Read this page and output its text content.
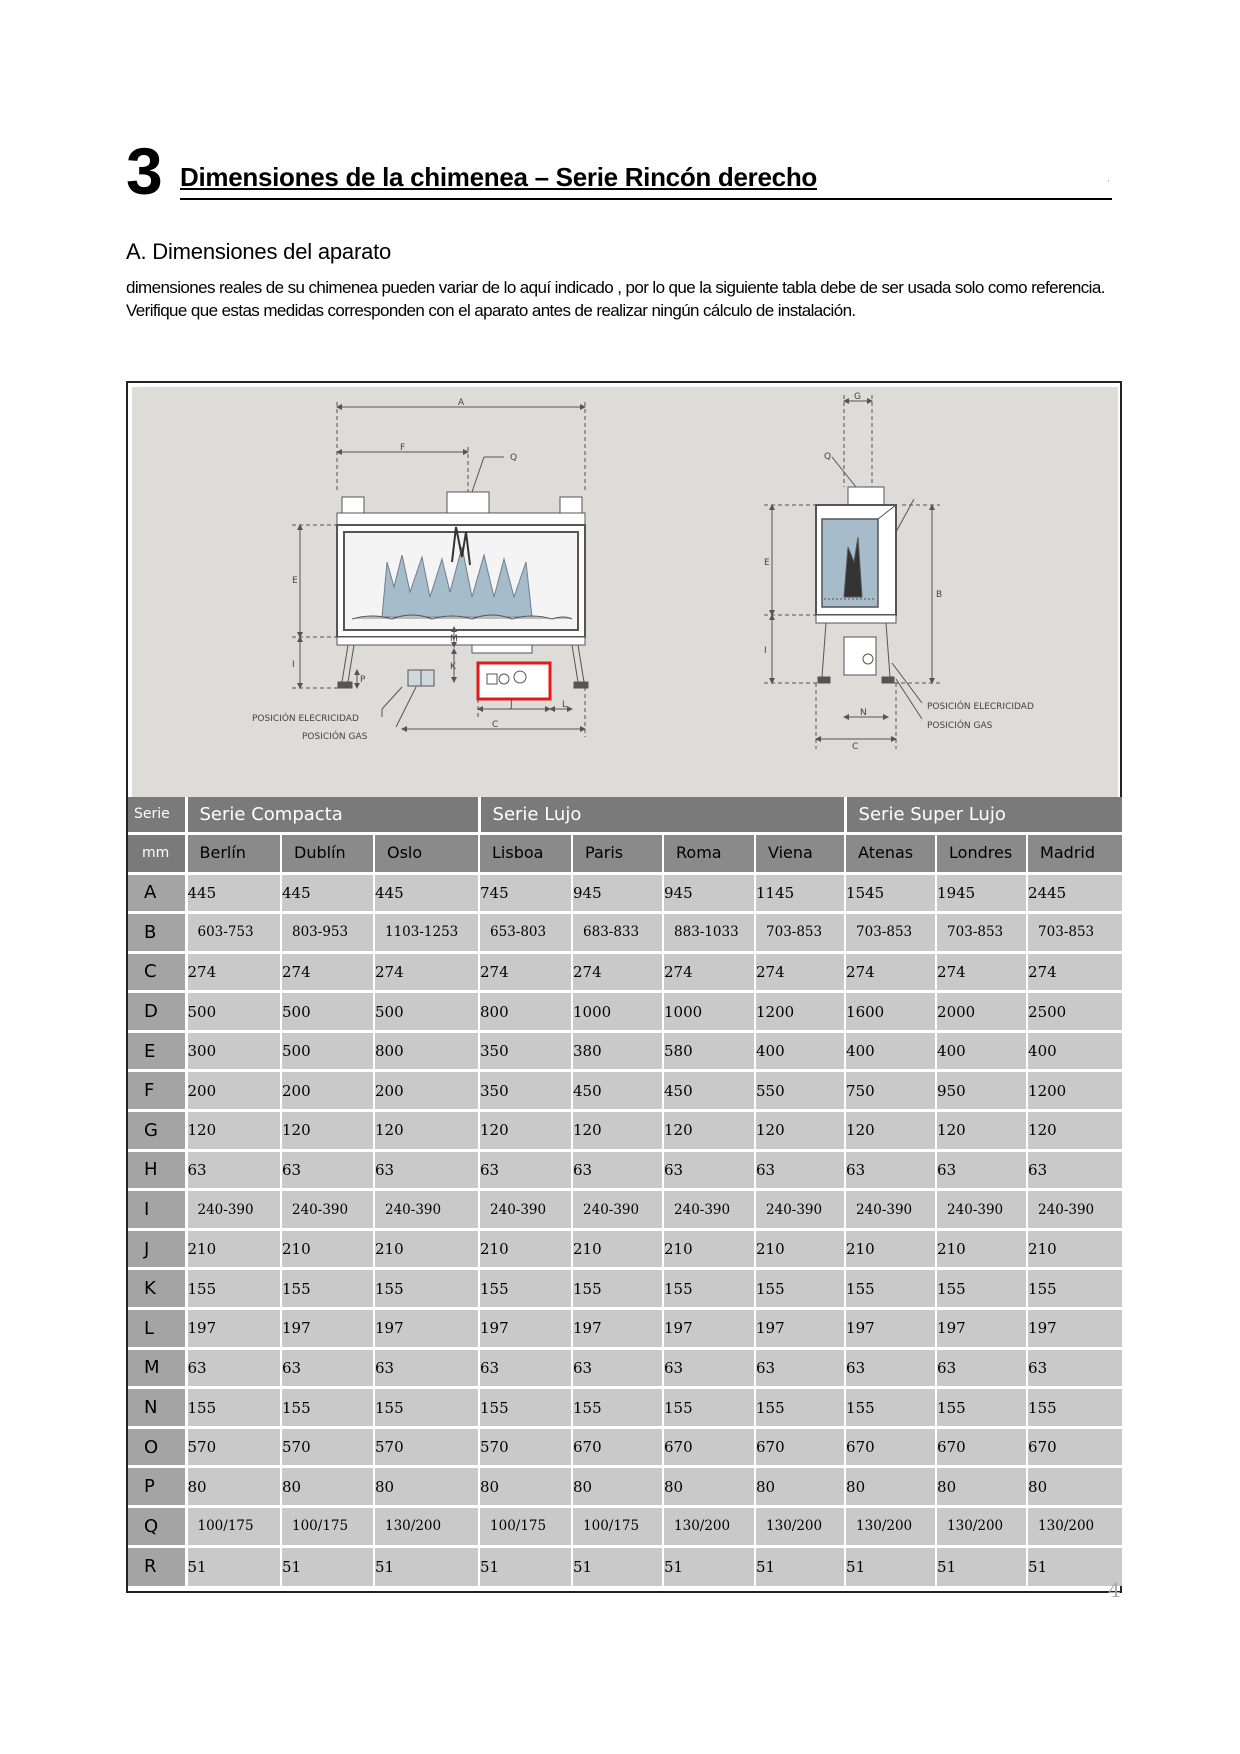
3 Dimensiones de la chimenea – Serie Rincón derecho	'
A. Dimensiones del aparato
dimensiones reales de su chimenea pueden variar de lo aquí indicado , por lo que la siguiente tabla debe de ser usada solo como referencia. Verifique que estas medidas corresponden con el aparato antes de realizar ningún cálculo de instalación.
A
F
Q
E
I
M
K
P
J	L
C
POSICIÓN ELECRICIDAD
POSICIÓN GAS
G
Q
E
I
B
N
C
POSICIÓN ELECRICIDAD
POSICIÓN GAS
Serie	Serie Compacta			Serie Lujo				Serie Super Lujo		
mm	Berlín	Dublín	Oslo	Lisboa	Paris	Roma	Viena	Atenas	Londres	Madrid
A	445	445	445	745	945	945	1145	1545	1945	2445
B	603-753	803-953	1103-1253	653-803	683-833	883-1033	703-853	703-853	703-853	703-853
C	274	274	274	274	274	274	274	274	274	274
D	500	500	500	800	1000	1000	1200	1600	2000	2500
E	300	500	800	350	380	580	400	400	400	400
F	200	200	200	350	450	450	550	750	950	1200
G	120	120	120	120	120	120	120	120	120	120
H	63	63	63	63	63	63	63	63	63	63
I	240-390	240-390	240-390	240-390	240-390	240-390	240-390	240-390	240-390	240-390
J	210	210	210	210	210	210	210	210	210	210
K	155	155	155	155	155	155	155	155	155	155
L	197	197	197	197	197	197	197	197	197	197
M	63	63	63	63	63	63	63	63	63	63
N	155	155	155	155	155	155	155	155	155	155
O	570	570	570	570	670	670	670	670	670	670
P	80	80	80	80	80	80	80	80	80	80
Q	100/175	100/175	130/200	100/175	100/175	130/200	130/200	130/200	130/200	130/200
R	51	51	51	51	51	51	51	51	51	51
4
